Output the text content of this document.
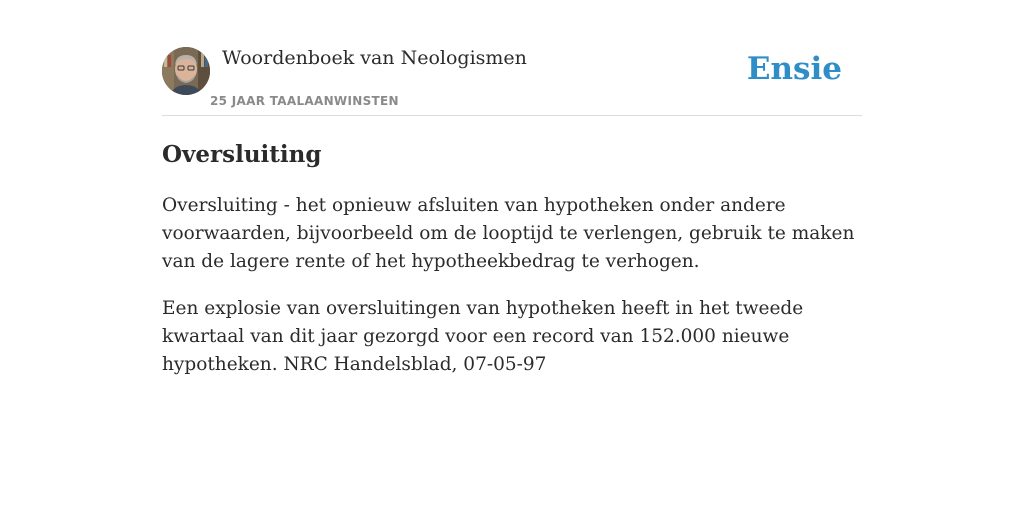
Woordenboek van Neologismen
25 JAAR TAALAANWINSTEN
Ensie
Oversluiting

Oversluiting - het opnieuw afsluiten van hypotheken onder andere voorwaarden, bijvoorbeeld om de looptijd te verlengen, gebruik te maken van de lagere rente of het hypotheekbedrag te verhogen.

Een explosie van oversluitingen van hypotheken heeft in het tweede kwartaal van dit jaar gezorgd voor een record van 152.000 nieuwe hypotheken. NRC Handelsblad, 07-05-97
